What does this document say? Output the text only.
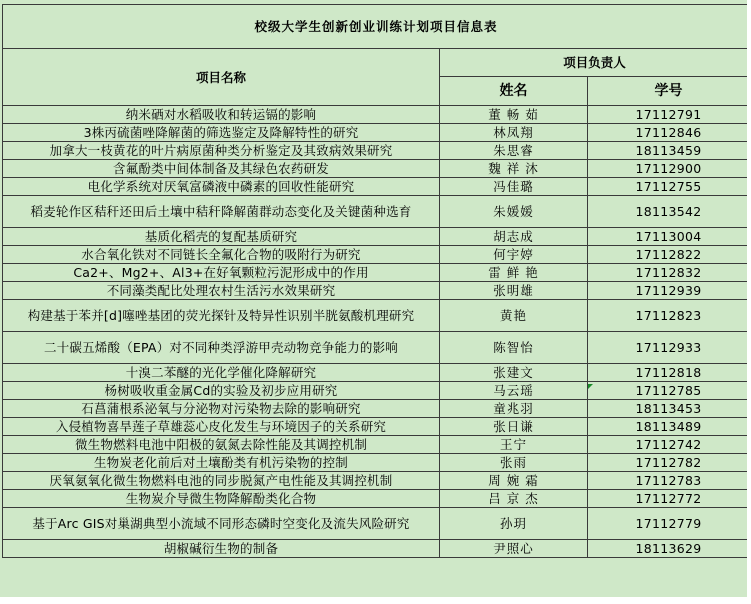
校级大学生创新创业训练计划项目信息表		
项目名称	项目负责人	
	姓名	学号
纳米硒对水稻吸收和转运镉的影响	董 畅 茹	17112791
3株丙硫菌唑降解菌的筛选鉴定及降解特性的研究	林凤翔	17112846
加拿大一枝黄花的叶片病原菌种类分析鉴定及其致病效果研究	朱思睿	18113459
含氟酚类中间体制备及其绿色农药研发	魏 祥 沐	17112900
电化学系统对厌氧富磷液中磷素的回收性能研究	冯佳璐	17112755
稻麦轮作区秸秆还田后土壤中秸秆降解菌群动态变化及关键菌种选育	朱媛媛	18113542
基质化稻壳的复配基质研究	胡志成	17113004
水合氧化铁对不同链长全氟化合物的吸附行为研究	何宇婷	17112822
Ca2+、Mg2+、Al3+在好氧颗粒污泥形成中的作用	雷 鲜 艳	17112832
不同藻类配比处理农村生活污水效果研究	张明雄	17112939
构建基于苯并[d]噻唑基团的荧光探针及特异性识别半胱氨酸机理研究	黄艳	17112823
二十碳五烯酸（EPA）对不同种类浮游甲壳动物竞争能力的影响	陈智怡	17112933
十溴二苯醚的光化学催化降解研究	张建文	17112818
杨树吸收重金属Cd的实验及初步应用研究	马云瑶	17112785
石菖蒲根系泌氧与分泌物对污染物去除的影响研究	童兆羽	18113453
入侵植物喜旱莲子草雄蕊心皮化发生与环境因子的关系研究	张日谦	18113489
微生物燃料电池中阳极的氨氮去除性能及其调控机制	王宁	17112742
生物炭老化前后对土壤酚类有机污染物的控制	张雨	17112782
厌氧氨氧化微生物燃料电池的同步脱氮产电性能及其调控机制	周 婉 霜	17112783
生物炭介导微生物降解酚类化合物	吕 京 杰	17112772
基于Arc GIS对巢湖典型小流域不同形态磷时空变化及流失风险研究	孙玥	17112779
胡椒碱衍生物的制备	尹照心	18113629
